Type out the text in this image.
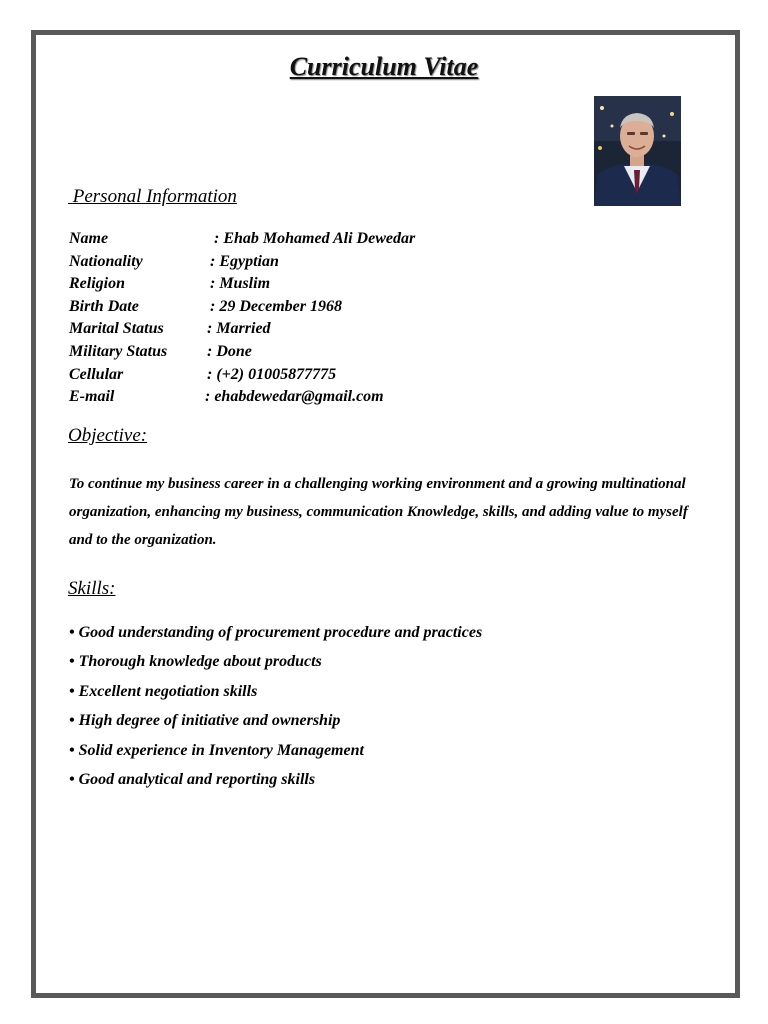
Curriculum Vitae
Personal Information
Name	: Ehab Mohamed Ali Dewedar
Nationality	: Egyptian
Religion	: Muslim
Birth Date	: 29 December 1968
Marital Status	: Married
Military Status : Done
Cellular	: (+2) 01005877775
E-mail	: ehabdewedar@gmail.com
Objective:
To continue my business career in a challenging working environment and a growing multinational organization, enhancing my business, communication Knowledge, skills, and adding value to myself and to the organization.
Skills:
• Good understanding of procurement procedure and practices
• Thorough knowledge about products
• Excellent negotiation skills
• High degree of initiative and ownership
• Solid experience in Inventory Management
• Good analytical and reporting skills
